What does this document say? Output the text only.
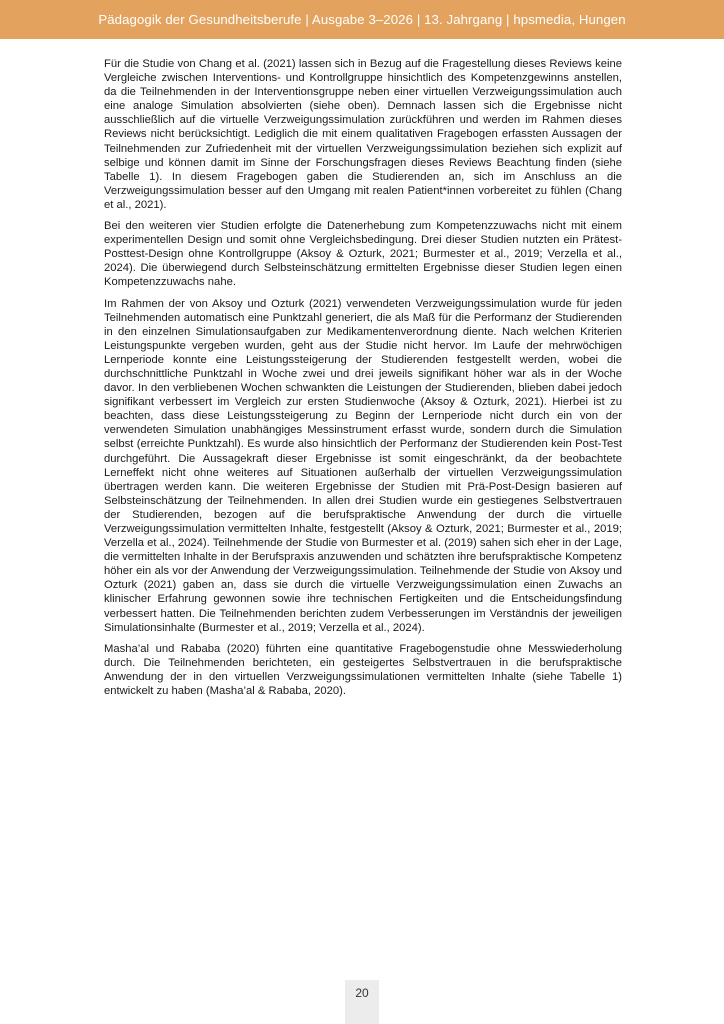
Pädagogik der Gesundheitsberufe | Ausgabe 3–2026 | 13. Jahrgang | hpsmedia, Hungen

Für die Studie von Chang et al. (2021) lassen sich in Bezug auf die Fragestellung dieses Reviews keine Vergleiche zwischen Interventions- und Kontrollgruppe hinsichtlich des Kompetenzgewinns anstellen, da die Teilnehmenden in der Interventionsgruppe neben einer virtuellen Verzweigungssimulation auch eine analoge Simulation absolvierten (siehe oben). Demnach lassen sich die Ergebnisse nicht ausschließlich auf die virtuelle Verzweigungssimulation zurückführen und werden im Rahmen dieses Reviews nicht berücksichtigt. Lediglich die mit einem qualitativen Fragebogen erfassten Aussagen der Teilnehmenden zur Zufriedenheit mit der virtuellen Verzweigungssimulation beziehen sich explizit auf selbige und können damit im Sinne der Forschungsfragen dieses Reviews Beachtung finden (siehe Tabelle 1). In diesem Fragebogen gaben die Studierenden an, sich im Anschluss an die Verzweigungssimulation besser auf den Umgang mit realen Patient*innen vorbereitet zu fühlen (Chang et al., 2021).

Bei den weiteren vier Studien erfolgte die Datenerhebung zum Kompetenzzuwachs nicht mit einem experimentellen Design und somit ohne Vergleichsbedingung. Drei dieser Studien nutzten ein Prätest-Posttest-Design ohne Kontrollgruppe (Aksoy & Ozturk, 2021; Burmester et al., 2019; Verzella et al., 2024). Die überwiegend durch Selbsteinschätzung ermittelten Ergebnisse dieser Studien legen einen Kompetenzzuwachs nahe.

Im Rahmen der von Aksoy und Ozturk (2021) verwendeten Verzweigungssimulation wurde für jeden Teilnehmenden automatisch eine Punktzahl generiert, die als Maß für die Performanz der Studierenden in den einzelnen Simulationsaufgaben zur Medikamentenverordnung diente. Nach welchen Kriterien Leistungspunkte vergeben wurden, geht aus der Studie nicht hervor. Im Laufe der mehrwöchigen Lernperiode konnte eine Leistungssteigerung der Studierenden festgestellt werden, wobei die durchschnittliche Punktzahl in Woche zwei und drei jeweils signifikant höher war als in der Woche davor. In den verbliebenen Wochen schwankten die Leistungen der Studierenden, blieben dabei jedoch signifikant verbessert im Vergleich zur ersten Studienwoche (Aksoy & Ozturk, 2021). Hierbei ist zu beachten, dass diese Leistungssteigerung zu Beginn der Lernperiode nicht durch ein von der verwendeten Simulation unabhängiges Messinstrument erfasst wurde, sondern durch die Simulation selbst (erreichte Punktzahl). Es wurde also hinsichtlich der Performanz der Studierenden kein Post-Test durchgeführt. Die Aussagekraft dieser Ergebnisse ist somit eingeschränkt, da der beobachtete Lerneffekt nicht ohne weiteres auf Situationen außerhalb der virtuellen Verzweigungssimulation übertragen werden kann. Die weiteren Ergebnisse der Studien mit Prä-Post-Design basieren auf Selbsteinschätzung der Teilnehmenden. In allen drei Studien wurde ein gestiegenes Selbstvertrauen der Studierenden, bezogen auf die berufspraktische Anwendung der durch die virtuelle Verzweigungssimulation vermittelten Inhalte, festgestellt (Aksoy & Ozturk, 2021; Burmester et al., 2019; Verzella et al., 2024). Teilnehmende der Studie von Burmester et al. (2019) sahen sich eher in der Lage, die vermittelten Inhalte in der Berufspraxis anzuwenden und schätzten ihre berufspraktische Kompetenz höher ein als vor der Anwendung der Verzweigungssimulation. Teilnehmende der Studie von Aksoy und Ozturk (2021) gaben an, dass sie durch die virtuelle Verzweigungssimulation einen Zuwachs an klinischer Erfahrung gewonnen sowie ihre technischen Fertigkeiten und die Entscheidungsfindung verbessert hatten. Die Teilnehmenden berichten zudem Verbesserungen im Verständnis der jeweiligen Simulationsinhalte (Burmester et al., 2019; Verzella et al., 2024).

Masha’al und Rababa (2020) führten eine quantitative Fragebogenstudie ohne Messwiederholung durch. Die Teilnehmenden berichteten, ein gesteigertes Selbstvertrauen in die berufspraktische Anwendung der in den virtuellen Verzweigungssimulationen vermittelten Inhalte (siehe Tabelle 1) entwickelt zu haben (Masha’al & Rababa, 2020).

20
